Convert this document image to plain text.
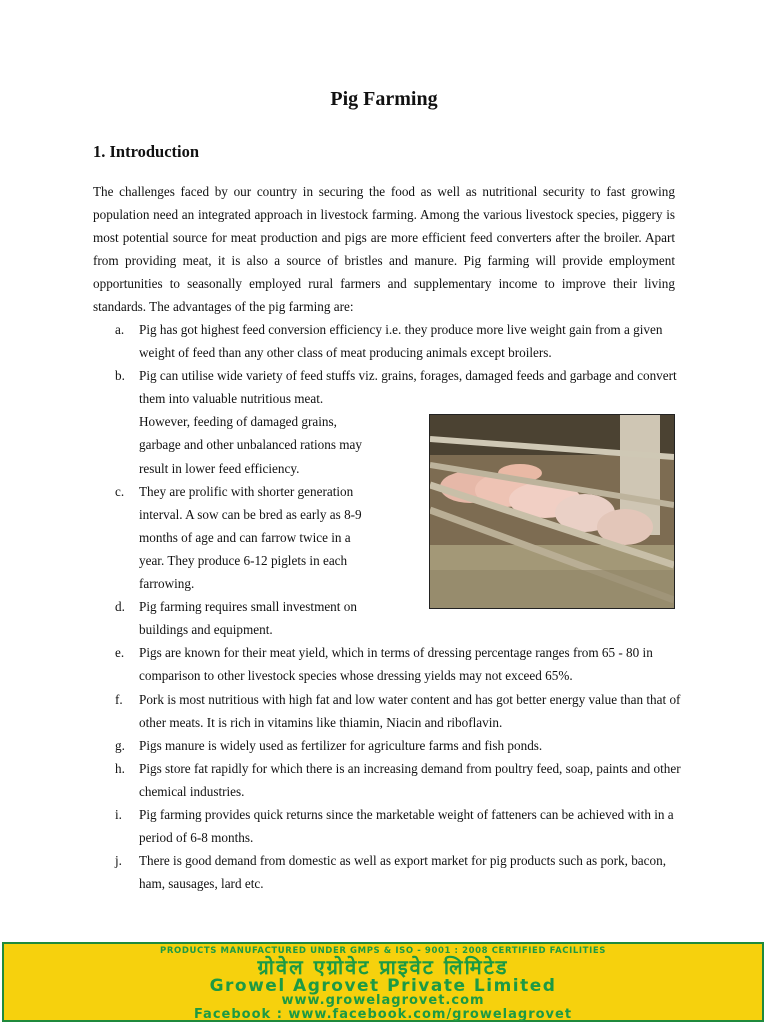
Pig Farming
1. Introduction

The challenges faced by our country in securing the food as well as nutritional security to fast growing population need an integrated approach in livestock farming. Among the various livestock species, piggery is most potential source for meat production and pigs are more efficient feed converters after the broiler. Apart from providing meat, it is also a source of bristles and manure. Pig farming will provide employment opportunities to seasonally employed rural farmers and supplementary income to improve their living standards. The advantages of the pig farming are:

a. Pig has got highest feed conversion efficiency i.e. they produce more live weight gain from a given weight of feed than any other class of meat producing animals except broilers.
b. Pig can utilise wide variety of feed stuffs viz. grains, forages, damaged feeds and garbage and convert them into valuable nutritious meat.
However, feeding of damaged grains, garbage and other unbalanced rations may result in lower feed efficiency.
c. They are prolific with shorter generation interval. A sow can be bred as early as 8-9 months of age and can farrow twice in a year. They produce 6-12 piglets in each farrowing.
d. Pig farming requires small investment on buildings and equipment.
e. Pigs are known for their meat yield, which in terms of dressing percentage ranges from 65 - 80 in comparison to other livestock species whose dressing yields may not exceed 65%.
f. Pork is most nutritious with high fat and low water content and has got better energy value than that of other meats. It is rich in vitamins like thiamin, Niacin and riboflavin.
g. Pigs manure is widely used as fertilizer for agriculture farms and fish ponds.
h. Pigs store fat rapidly for which there is an increasing demand from poultry feed, soap, paints and other chemical industries.
i. Pig farming provides quick returns since the marketable weight of fatteners can be achieved with in a period of 6-8 months.
j. There is good demand from domestic as well as export market for pig products such as pork, bacon, ham, sausages, lard etc.
PRODUCTS MANUFACTURED UNDER GMPS & ISO - 9001 : 2008 CERTIFIED FACILITIES
ग्रोवेल एग्रोवेट प्राइवेट लिमिटेड
Growel Agrovet Private Limited
www.growelagrovet.com
Facebook : www.facebook.com/growelagrovet
